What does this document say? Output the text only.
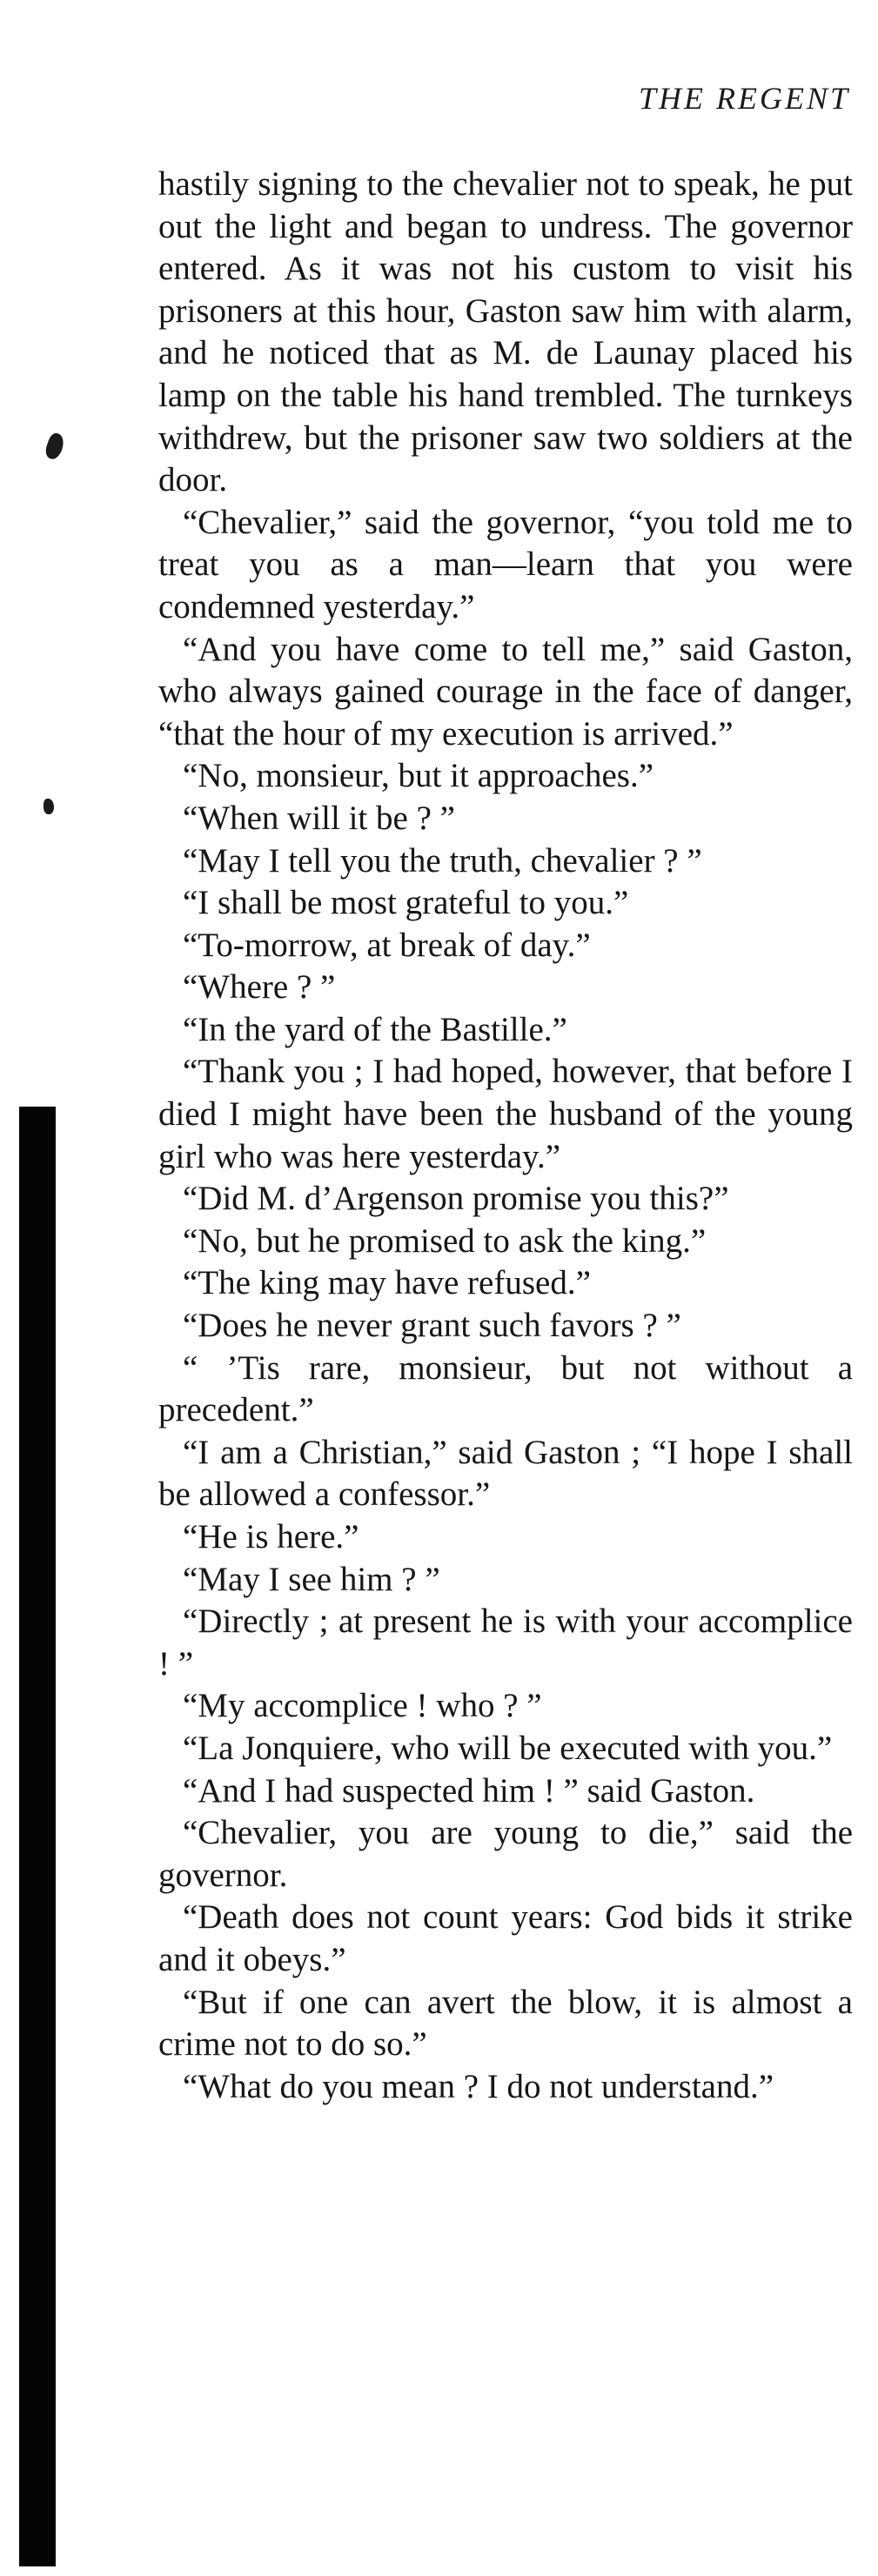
THE REGENT

hastily signing to the chevalier not to speak, he put out the light and began to undress. The governor entered. As it was not his custom to visit his prisoners at this hour, Gaston saw him with alarm, and he noticed that as M. de Launay placed his lamp on the table his hand trembled. The turnkeys withdrew, but the prisoner saw two soldiers at the door.

“Chevalier,” said the governor, “you told me to treat you as a man—learn that you were condemned yesterday.”

“And you have come to tell me,” said Gaston, who always gained courage in the face of danger, “that the hour of my execution is arrived.”

“No, monsieur, but it approaches.”

“When will it be ? ”

“May I tell you the truth, chevalier ? ”

“I shall be most grateful to you.”

“To-morrow, at break of day.”

“Where ? ”

“In the yard of the Bastille.”

“Thank you ; I had hoped, however, that before I died I might have been the husband of the young girl who was here yesterday.”

“Did M. d’Argenson promise you this?”

“No, but he promised to ask the king.”

“The king may have refused.”

“Does he never grant such favors ? ”

“ ’Tis rare, monsieur, but not without a precedent.”

“I am a Christian,” said Gaston ; “I hope I shall be allowed a confessor.”

“He is here.”

“May I see him ? ”

“Directly ; at present he is with your accomplice ! ”

“My accomplice ! who ? ”

“La Jonquiere, who will be executed with you.”

“And I had suspected him ! ” said Gaston.

“Chevalier, you are young to die,” said the governor.

“Death does not count years: God bids it strike and it obeys.”

“But if one can avert the blow, it is almost a crime not to do so.”

“What do you mean ? I do not understand.”
